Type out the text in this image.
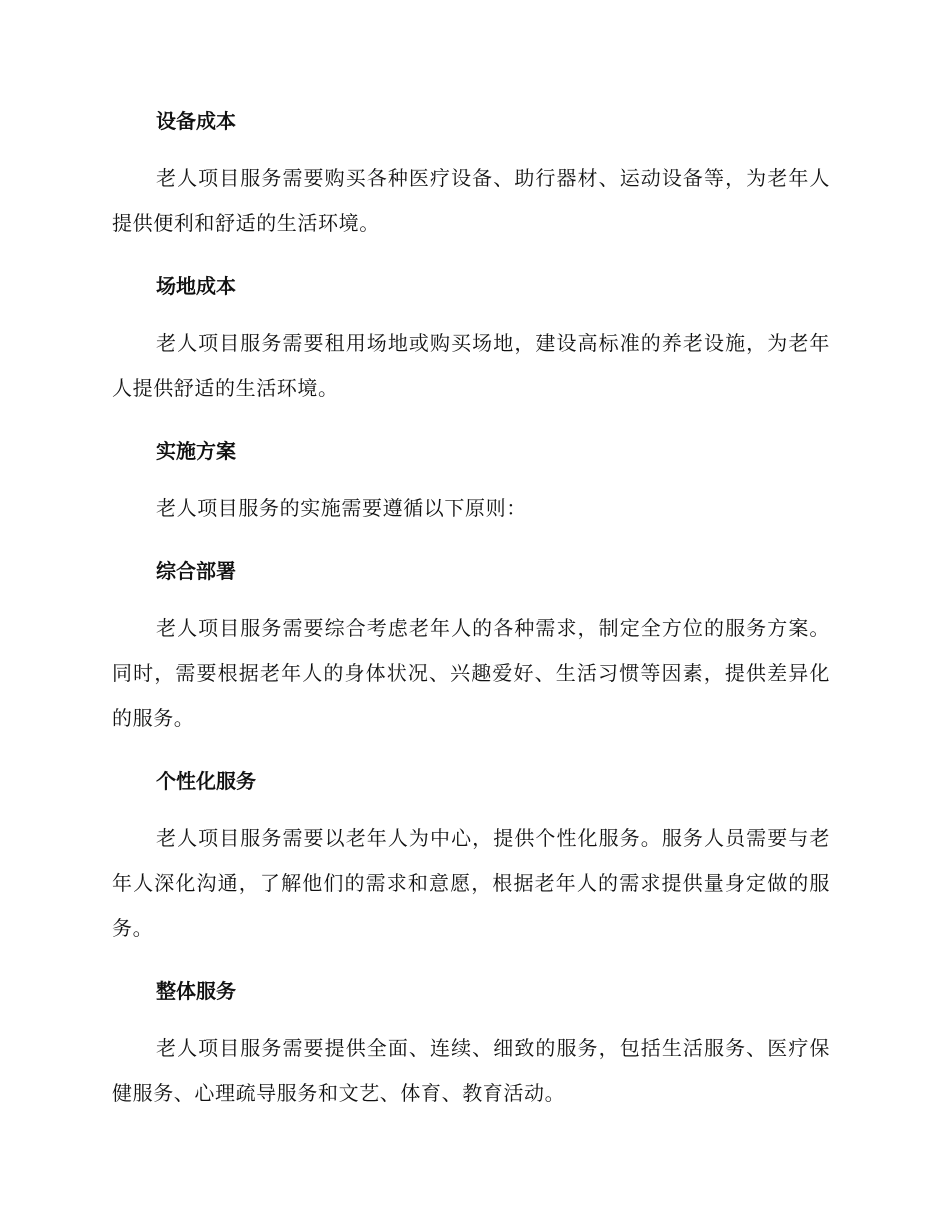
设备成本

老人项目服务需要购买各种医疗设备、助行器材、运动设备等，为老年人提供便利和舒适的生活环境。

场地成本

老人项目服务需要租用场地或购买场地，建设高标准的养老设施，为老年人提供舒适的生活环境。

实施方案

老人项目服务的实施需要遵循以下原则：

综合部署

老人项目服务需要综合考虑老年人的各种需求，制定全方位的服务方案。同时，需要根据老年人的身体状况、兴趣爱好、生活习惯等因素，提供差异化的服务。

个性化服务

老人项目服务需要以老年人为中心，提供个性化服务。服务人员需要与老年人深化沟通，了解他们的需求和意愿，根据老年人的需求提供量身定做的服务。

整体服务

老人项目服务需要提供全面、连续、细致的服务，包括生活服务、医疗保健服务、心理疏导服务和文艺、体育、教育活动。
